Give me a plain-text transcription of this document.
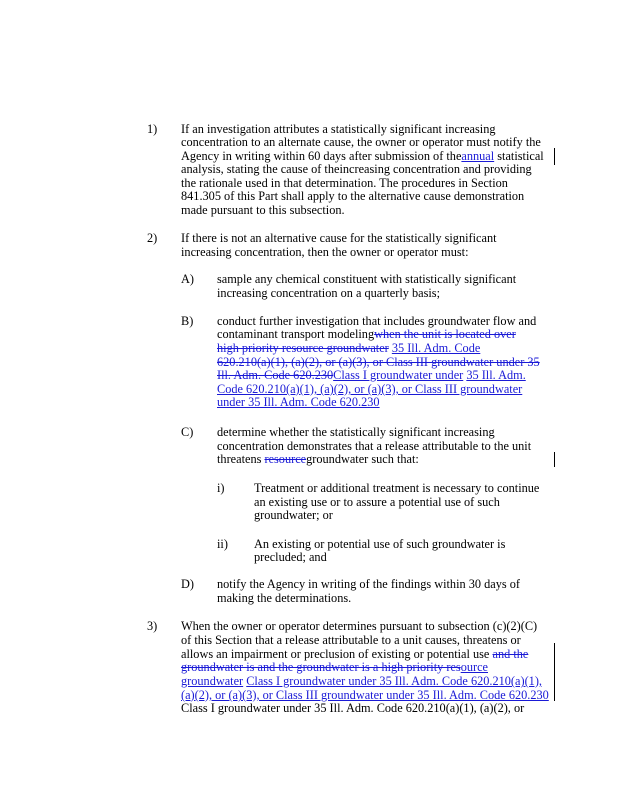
1) If an investigation attributes a statistically significant increasing
concentration to an alternate cause, the owner or operator must notify the
Agency in writing within 60 days after submission of theannual statistical
analysis, stating the cause of theincreasing concentration and providing
the rationale used in that determination. The procedures in Section
841.305 of this Part shall apply to the alternative cause demonstration
made pursuant to this subsection.
2) If there is not an alternative cause for the statistically significant
increasing concentration, then the owner or operator must:
A) sample any chemical constituent with statistically significant
increasing concentration on a quarterly basis;
B) conduct further investigation that includes groundwater flow and
contaminant transport modelingwhen the unit is located over
high priority resource groundwater 35 Ill. Adm. Code
620.210(a)(1), (a)(2), or (a)(3), or Class III groundwater under 35
Ill. Adm. Code 620.230Class I groundwater under 35 Ill. Adm.
Code 620.210(a)(1), (a)(2), or (a)(3), or Class III groundwater
under 35 Ill. Adm. Code 620.230
C) determine whether the statistically significant increasing
concentration demonstrates that a release attributable to the unit
threatens resourcegroundwater such that:
i) Treatment or additional treatment is necessary to continue
an existing use or to assure a potential use of such
groundwater; or
ii) An existing or potential use of such groundwater is
precluded; and
D) notify the Agency in writing of the findings within 30 days of
making the determinations.
3) When the owner or operator determines pursuant to subsection (c)(2)(C)
of this Section that a release attributable to a unit causes, threatens or
allows an impairment or preclusion of existing or potential use and the
groundwater is and the groundwater is a high priority resource
groundwater Class I groundwater under 35 Ill. Adm. Code 620.210(a)(1),
(a)(2), or (a)(3), or Class III groundwater under 35 Ill. Adm. Code 620.230
Class I groundwater under 35 Ill. Adm. Code 620.210(a)(1), (a)(2), or
